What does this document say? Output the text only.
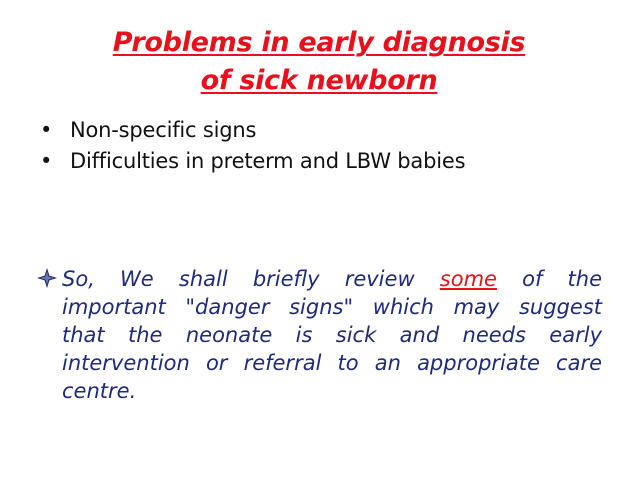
Problems in early diagnosis
of sick newborn
• Non-specific signs
• Difficulties in preterm and LBW babies
So, We shall briefly review some of the
important "danger signs" which may suggest
that the neonate is sick and needs early
intervention or referral to an appropriate care
centre.
